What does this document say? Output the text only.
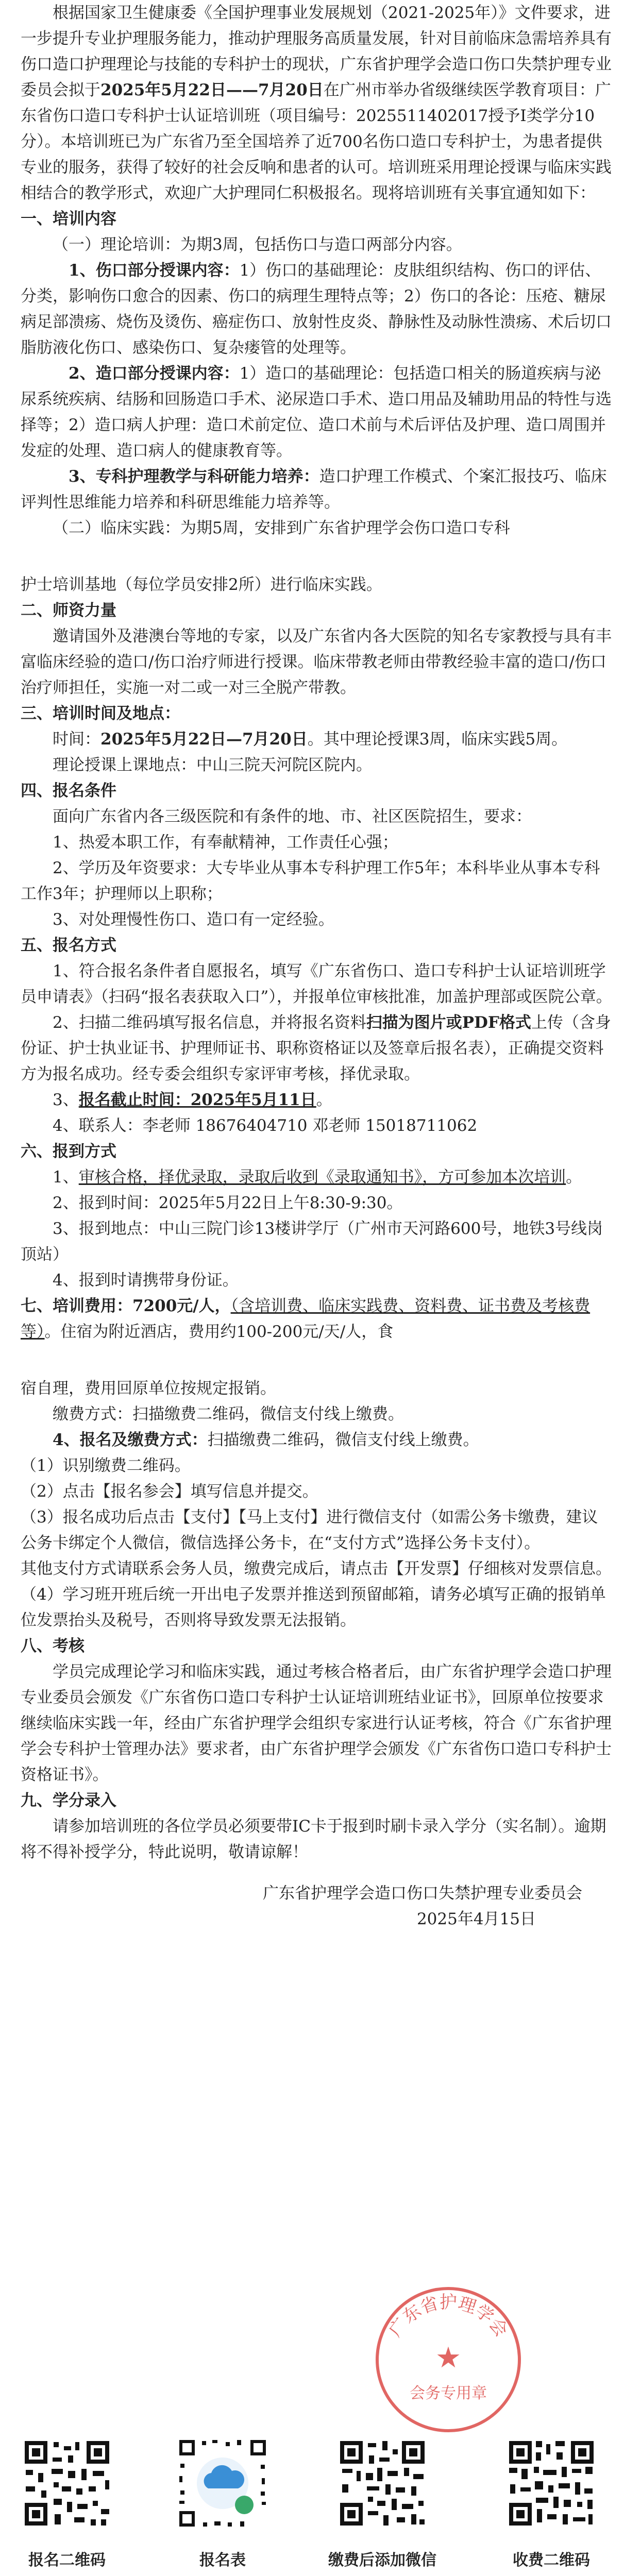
根据国家卫生健康委《全国护理事业发展规划（2021-2025年）》文件要求，进一步提升专业护理服务能力，推动护理服务高质量发展，针对目前临床急需培养具有伤口造口护理理论与技能的专科护士的现状，广东省护理学会造口伤口失禁护理专业委员会拟于2025年5月22日——7月20日在广州市举办省级继续医学教育项目：广东省伤口造口专科护士认证培训班（项目编号：2025511402017授予I类学分10分）。本培训班已为广东省乃至全国培养了近700名伤口造口专科护士，为患者提供专业的服务，获得了较好的社会反响和患者的认可。培训班采用理论授课与临床实践相结合的教学形式，欢迎广大护理同仁积极报名。现将培训班有关事宜通知如下：

一、培训内容

（一）理论培训：为期3周，包括伤口与造口两部分内容。

1、伤口部分授课内容：1）伤口的基础理论：皮肤组织结构、伤口的评估、分类，影响伤口愈合的因素、伤口的病理生理特点等；2）伤口的各论：压疮、糖尿病足部溃疡、烧伤及烫伤、癌症伤口、放射性皮炎、静脉性及动脉性溃疡、术后切口脂肪液化伤口、感染伤口、复杂瘘管的处理等。

2、造口部分授课内容：1）造口的基础理论：包括造口相关的肠道疾病与泌尿系统疾病、结肠和回肠造口手术、泌尿造口手术、造口用品及辅助用品的特性与选择等；2）造口病人护理：造口术前定位、造口术前与术后评估及护理、造口周围并发症的处理、造口病人的健康教育等。

3、专科护理教学与科研能力培养：造口护理工作模式、个案汇报技巧、临床评判性思维能力培养和科研思维能力培养等。

（二）临床实践：为期5周，安排到广东省护理学会伤口造口专科

护士培训基地（每位学员安排2所）进行临床实践。

二、师资力量

邀请国外及港澳台等地的专家，以及广东省内各大医院的知名专家教授与具有丰富临床经验的造口/伤口治疗师进行授课。临床带教老师由带教经验丰富的造口/伤口治疗师担任，实施一对二或一对三全脱产带教。

三、培训时间及地点：

时间：2025年5月22日—7月20日。其中理论授课3周，临床实践5周。

理论授课上课地点：中山三院天河院区院内。

四、报名条件

面向广东省内各三级医院和有条件的地、市、社区医院招生，要求：

1、热爱本职工作，有奉献精神，工作责任心强；

2、学历及年资要求：大专毕业从事本专科护理工作5年；本科毕业从事本专科工作3年；护理师以上职称；

3、对处理慢性伤口、造口有一定经验。

五、报名方式

1、符合报名条件者自愿报名，填写《广东省伤口、造口专科护士认证培训班学员申请表》（扫码“报名表获取入口”），并报单位审核批准，加盖护理部或医院公章。

2、扫描二维码填写报名信息，并将报名资料扫描为图片或PDF格式上传（含身份证、护士执业证书、护理师证书、职称资格证以及签章后报名表），正确提交资料方为报名成功。经专委会组织专家评审考核，择优录取。

3、报名截止时间：2025年5月11日。

4、联系人：李老师 18676404710 邓老师 15018711062

六、报到方式

1、审核合格，择优录取，录取后收到《录取通知书》，方可参加本次培训。

2、报到时间：2025年5月22日上午8:30-9:30。

3、报到地点：中山三院门诊13楼讲学厅（广州市天河路600号，地铁3号线岗顶站）

4、报到时请携带身份证。

七、培训费用：7200元/人，（含培训费、临床实践费、资料费、证书费及考核费等）。住宿为附近酒店，费用约100-200元/天/人，食

宿自理，费用回原单位按规定报销。

缴费方式：扫描缴费二维码，微信支付线上缴费。

4、报名及缴费方式：扫描缴费二维码，微信支付线上缴费。

（1）识别缴费二维码。

（2）点击【报名参会】填写信息并提交。

（3）报名成功后点击【支付】【马上支付】进行微信支付（如需公务卡缴费，建议公务卡绑定个人微信，微信选择公务卡，在“支付方式”选择公务卡支付）。

其他支付方式请联系会务人员，缴费完成后，请点击【开发票】仔细核对发票信息。

（4）学习班开班后统一开出电子发票并推送到预留邮箱，请务必填写正确的报销单位发票抬头及税号，否则将导致发票无法报销。

八、考核

学员完成理论学习和临床实践，通过考核合格者后，由广东省护理学会造口护理专业委员会颁发《广东省伤口造口专科护士认证培训班结业证书》，回原单位按要求继续临床实践一年，经由广东省护理学会组织专家进行认证考核，符合《广东省护理学会专科护士管理办法》要求者，由广东省护理学会颁发《广东省伤口造口专科护士资格证书》。

九、学分录入

请参加培训班的各位学员必须要带IC卡于报到时刷卡录入学分（实名制）。逾期将不得补授学分，特此说明，敬请谅解！

广东省护理学会造口伤口失禁护理专业委员会

2025年4月15日

广东省护理学会
★
会务专用章
报名二维码	报名表	缴费后添加微信	收费二维码
